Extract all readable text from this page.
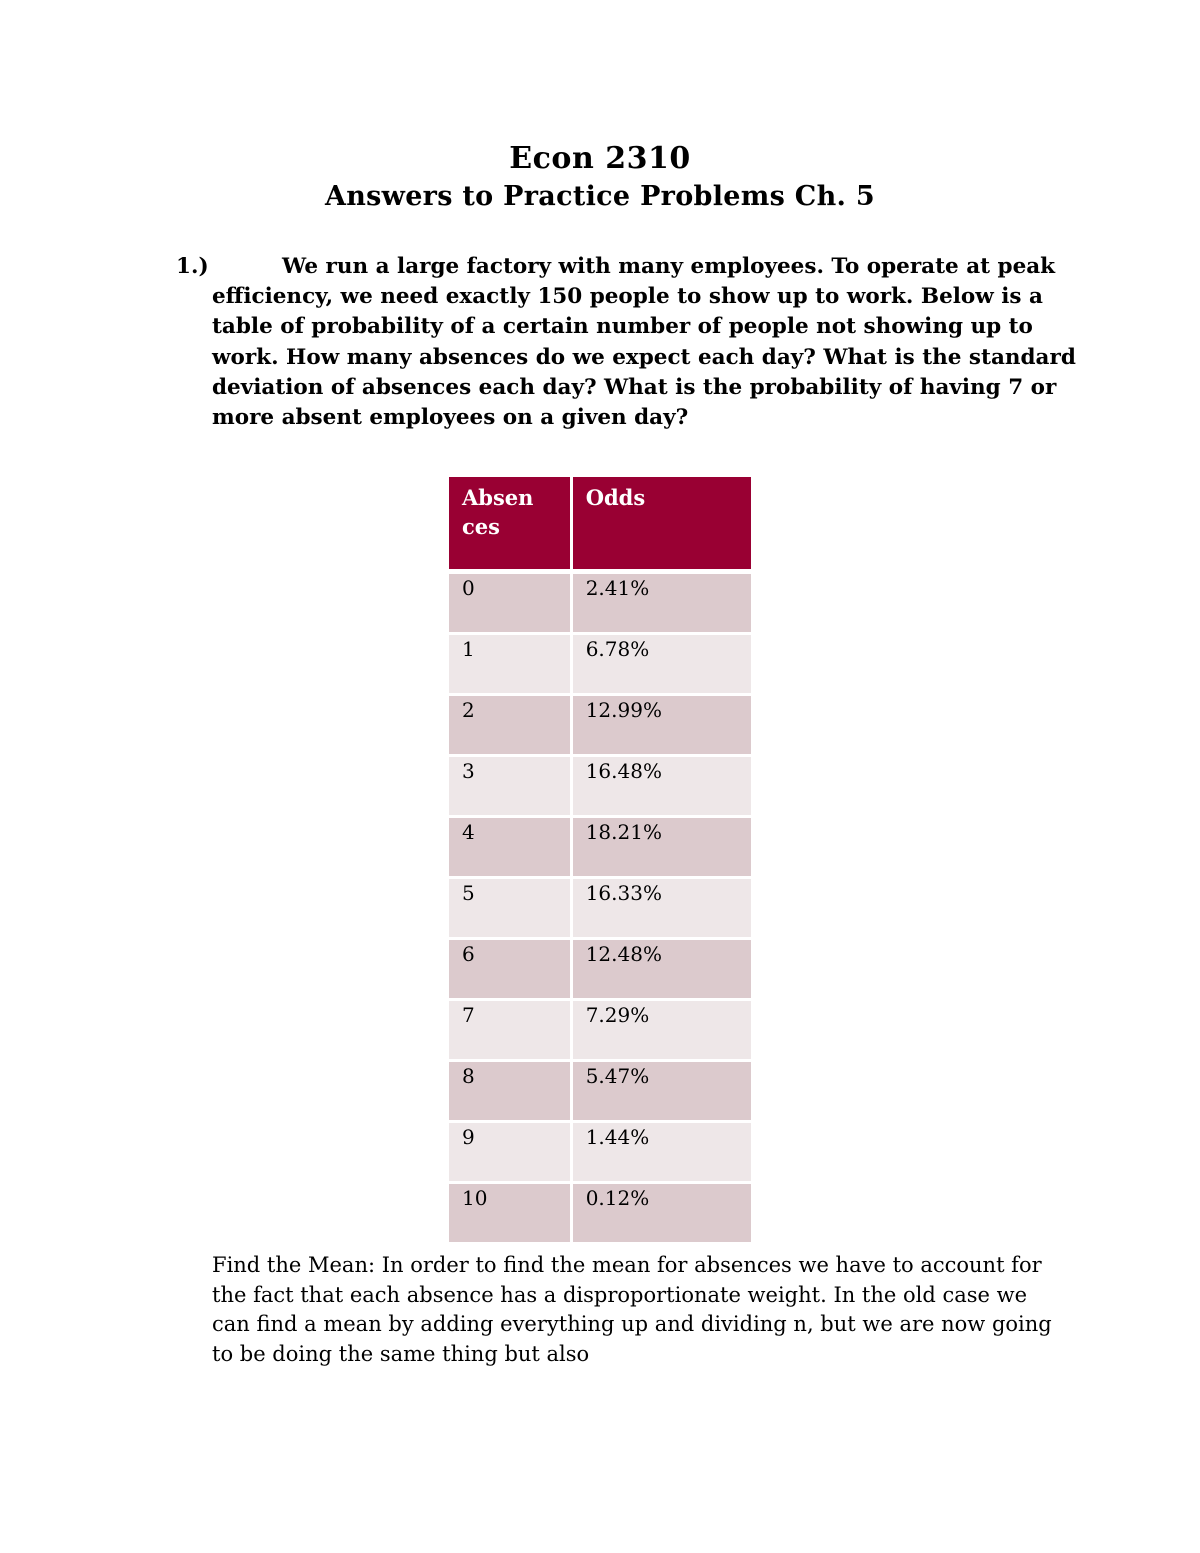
Econ 2310
Answers to Practice Problems Ch. 5
1.)	We run a large factory with many employees. To operate at peak efficiency, we need exactly 150 people to show up to work. Below is a table of probability of a certain number of people not showing up to work. How many absences do we expect each day? What is the standard deviation of absences each day? What is the probability of having 7 or more absent employees on a given day?
Absen ces	Odds
0	2.41%
1	6.78%
2	12.99%
3	16.48%
4	18.21%
5	16.33%
6	12.48%
7	7.29%
8	5.47%
9	1.44%
10	0.12%
Find the Mean: In order to find the mean for absences we have to account for the fact that each absence has a disproportionate weight. In the old case we can find a mean by adding everything up and dividing n, but we are now going to be doing the same thing but also
